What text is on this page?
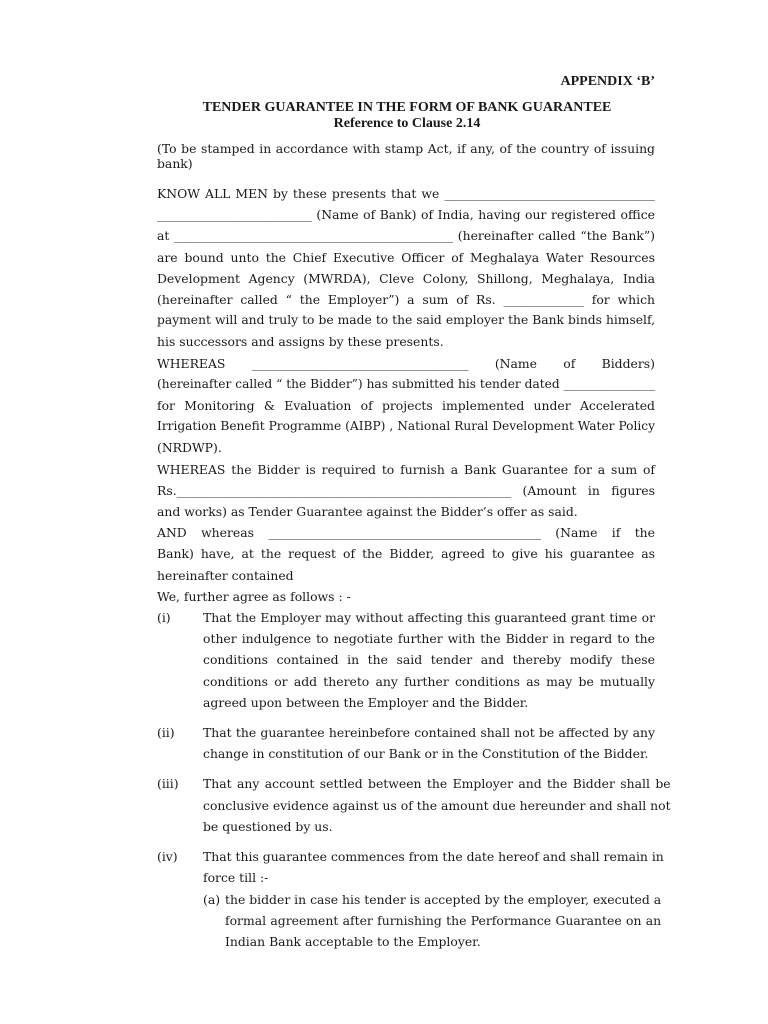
APPENDIX ‘B’
TENDER GUARANTEE IN THE FORM OF BANK GUARANTEE
Reference to Clause 2.14
(To be stamped in accordance with stamp Act, if any, of the country of issuing bank)
KNOW ALL MEN by these presents that we __________________________________
_________________________ (Name of Bank) of India, having our registered office
at _____________________________________________ (hereinafter called “the Bank”)
are bound unto the Chief Executive Officer of Meghalaya Water Resources
Development Agency (MWRDA), Cleve Colony, Shillong, Meghalaya, India
(hereinafter called “ the Employer”) a sum of Rs. _____________ for which
payment will and truly to be made to the said employer the Bank binds himself,
his successors and assigns by these presents.
WHEREAS ___________________________________ (Name of Bidders)
(hereinafter called “ the Bidder”) has submitted his tender dated _______________
for Monitoring & Evaluation of projects implemented under Accelerated
Irrigation Benefit Programme (AIBP) , National Rural Development Water Policy
(NRDWP).
WHEREAS the Bidder is required to furnish a Bank Guarantee for a sum of
Rs.______________________________________________________ (Amount in figures
and works) as Tender Guarantee against the Bidder’s offer as said.
AND whereas ____________________________________________ (Name if the
Bank) have, at the request of the Bidder, agreed to give his guarantee as
hereinafter contained
We, further agree as follows : -
(i)	That the Employer may without affecting this guaranteed grant time or
other indulgence to negotiate further with the Bidder in regard to the
conditions contained in the said tender and thereby modify these
conditions or add thereto any further conditions as may be mutually
agreed upon between the Employer and the Bidder.
(ii)	That the guarantee hereinbefore contained shall not be affected by any
change in constitution of our Bank or in the Constitution of the Bidder.
(iii)	That any account settled between the Employer and the Bidder shall be
conclusive evidence against us of the amount due hereunder and shall not
be questioned by us.
(iv)	That this guarantee commences from the date hereof and shall remain in
force till :-
(a) the bidder in case his tender is accepted by the employer, executed a
formal agreement after furnishing the Performance Guarantee on an
Indian Bank acceptable to the Employer.
